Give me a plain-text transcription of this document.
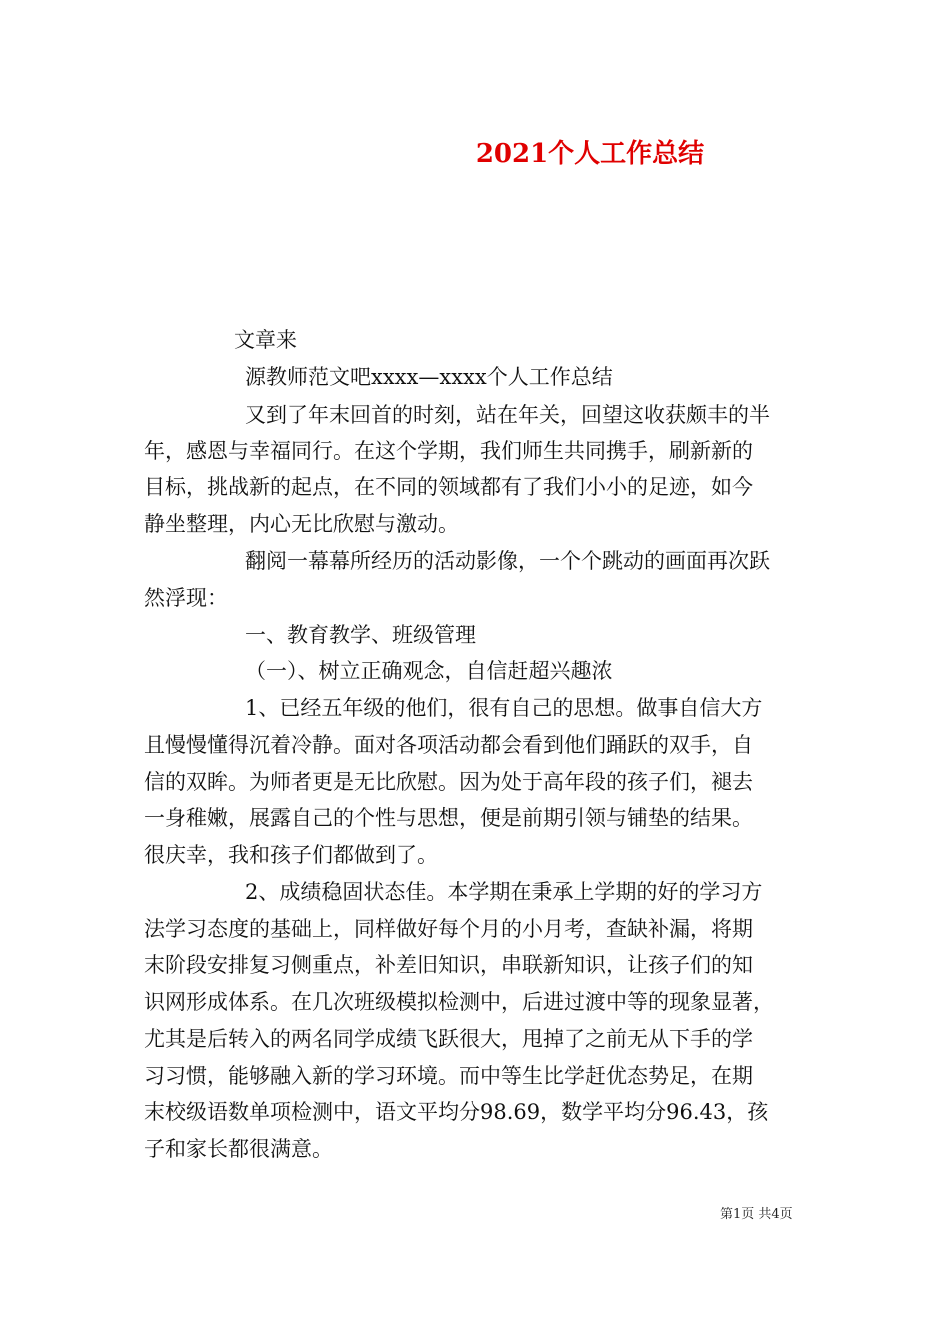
2021个人工作总结
文章来
源教师范文吧xxxx—xxxx个人工作总结
又到了年末回首的时刻，站在年关，回望这收获颇丰的半
年，感恩与幸福同行。在这个学期，我们师生共同携手，刷新新的
目标，挑战新的起点，在不同的领域都有了我们小小的足迹，如今
静坐整理，内心无比欣慰与激动。
翻阅一幕幕所经历的活动影像，一个个跳动的画面再次跃
然浮现：
一、教育教学、班级管理
（一）、树立正确观念，自信赶超兴趣浓
1、已经五年级的他们，很有自己的思想。做事自信大方
且慢慢懂得沉着冷静。面对各项活动都会看到他们踊跃的双手，自
信的双眸。为师者更是无比欣慰。因为处于高年段的孩子们，褪去
一身稚嫩，展露自己的个性与思想，便是前期引领与铺垫的结果。
很庆幸，我和孩子们都做到了。
2、成绩稳固状态佳。本学期在秉承上学期的好的学习方
法学习态度的基础上，同样做好每个月的小月考，查缺补漏，将期
末阶段安排复习侧重点，补差旧知识，串联新知识，让孩子们的知
识网形成体系。在几次班级模拟检测中，后进过渡中等的现象显著，
尤其是后转入的两名同学成绩飞跃很大，甩掉了之前无从下手的学
习习惯，能够融入新的学习环境。而中等生比学赶优态势足，在期
末校级语数单项检测中，语文平均分98.69，数学平均分96.43，孩
子和家长都很满意。
第1页 共4页
